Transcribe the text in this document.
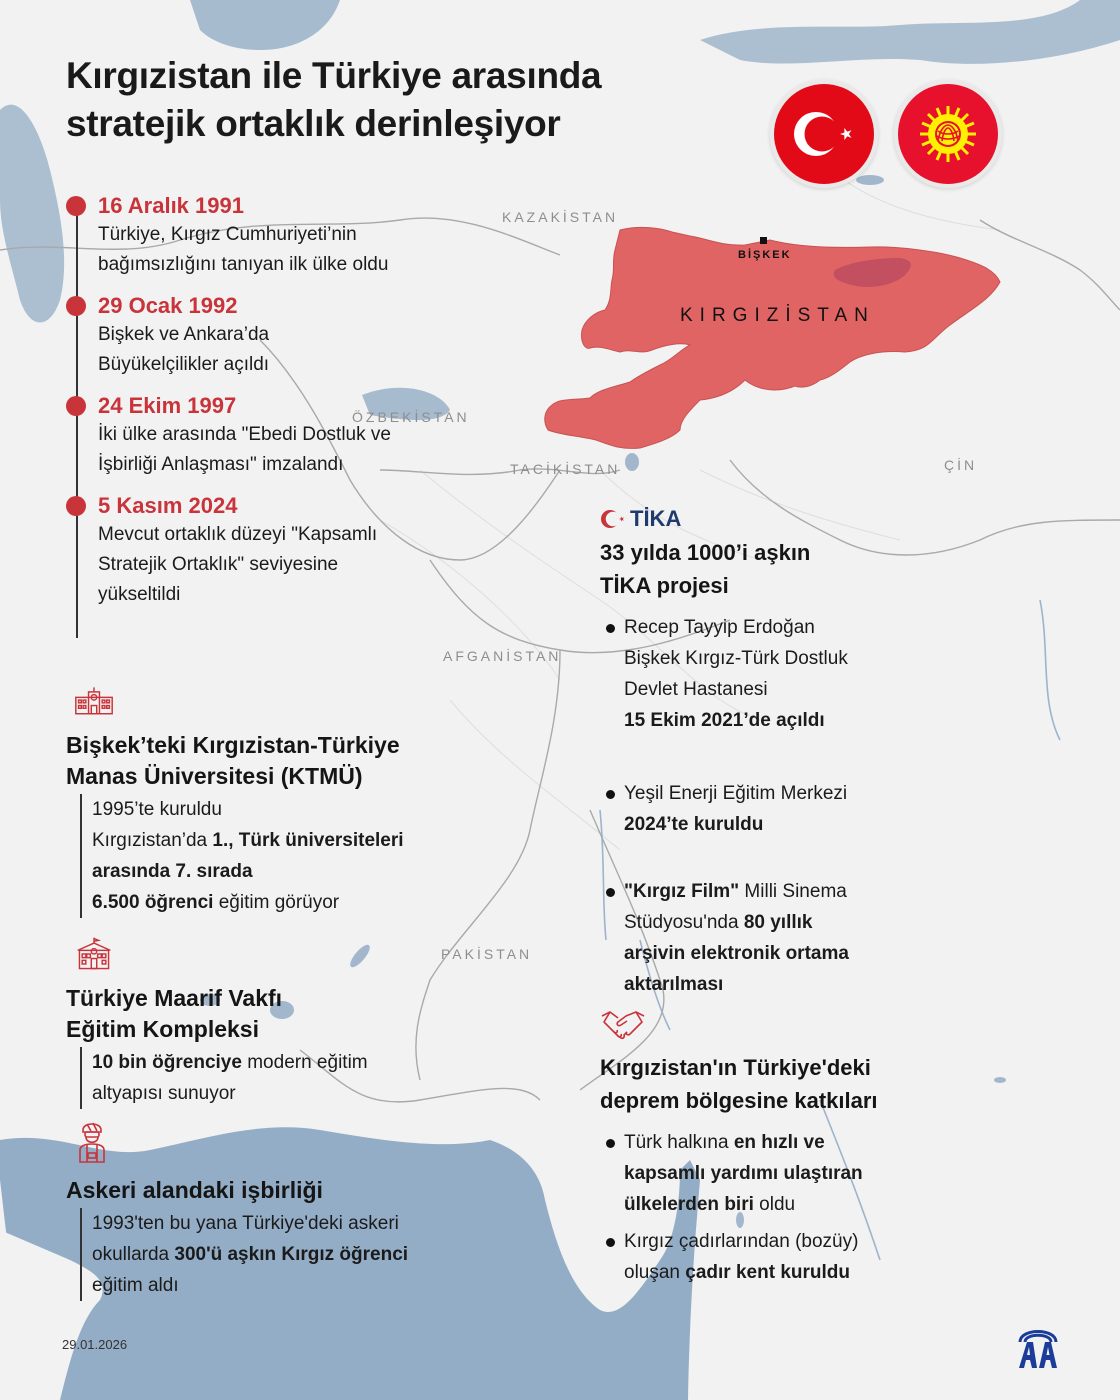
KAZAKİSTAN
ÖZBEKİSTAN
TACİKİSTAN	ÇİN
AFGANİSTAN
PAKİSTAN
KIRGIZİSTAN
BİŞKEK
Kırgızistan ile Türkiye arasında
stratejik ortaklık derinleşiyor
16 Aralık 1991
Türkiye, Kırgız Cumhuriyeti’nin
bağımsızlığını tanıyan ilk ülke oldu
29 Ocak 1992
Bişkek ve Ankara’da
Büyükelçilikler açıldı
24 Ekim 1997
İki ülke arasında "Ebedi Dostluk ve
İşbirliği Anlaşması" imzalandı
5 Kasım 2024
Mevcut ortaklık düzeyi "Kapsamlı
Stratejik Ortaklık" seviyesine
yükseltildi
Bişkek’teki Kırgızistan-Türkiye
Manas Üniversitesi (KTMÜ)
1995’te kuruldu
Kırgızistan’da 1., Türk üniversiteleri
arasında 7. sırada
6.500 öğrenci eğitim görüyor
Türkiye Maarif Vakfı
Eğitim Kompleksi
10 bin öğrenciye modern eğitim
altyapısı sunuyor
Askeri alandaki işbirliği
1993'ten bu yana Türkiye'deki askeri
okullarda 300'ü aşkın Kırgız öğrenci
eğitim aldı
TİKA
33 yılda 1000’i aşkın
TİKA projesi
Recep Tayyip Erdoğan
Bişkek Kırgız-Türk Dostluk
Devlet Hastanesi
15 Ekim 2021’de açıldı
Yeşil Enerji Eğitim Merkezi
2024’te kuruldu
"Kırgız Film" Milli Sinema
Stüdyosu'nda 80 yıllık
arşivin elektronik ortama
aktarılması
Kırgızistan'ın Türkiye'deki
deprem bölgesine katkıları
Türk halkına en hızlı ve
kapsamlı yardımı ulaştıran
ülkelerden biri oldu
Kırgız çadırlarından (bozüy)
oluşan çadır kent kuruldu
29.01.2026
